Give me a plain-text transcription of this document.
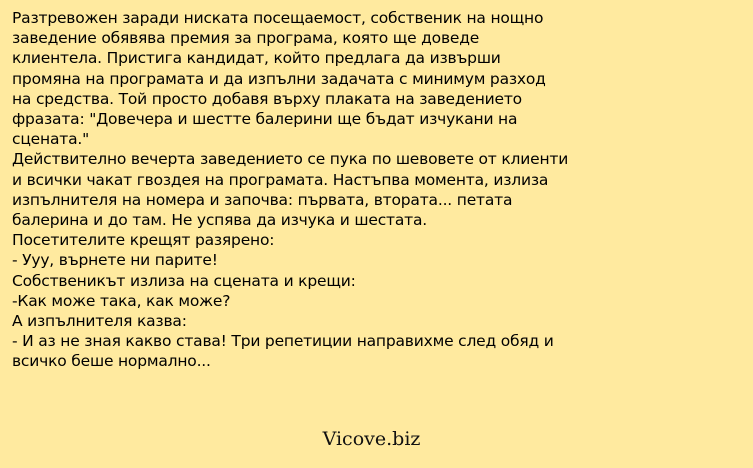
Разтревожен заради ниската посещаемост, собственик на нощно
заведение обявява премия за програма, която ще доведе
клиентела. Пристига кандидат, който предлага да извърши
промяна на програмата и да изпълни задачата с минимум разход
на средства. Той просто добавя върху плаката на заведението
фразата: "Довечера и шестте балерини ще бъдат изчукани на
сцената."
Действително вечерта заведението се пука по шевовете от клиенти
и всички чакат гвоздея на програмата. Настъпва момента, излиза
изпълнителя на номера и започва: първата, втората... петата
балерина и до там. Не успява да изчука и шестата.
Посетителите крещят разярено:
- Ууу, върнете ни парите!
Собственикът излиза на сцената и крещи:
-Как може така, как може?
А изпълнителя казва:
- И аз не зная какво става! Три репетиции направихме след обяд и
всичко беше нормално...
Vicove.biz
